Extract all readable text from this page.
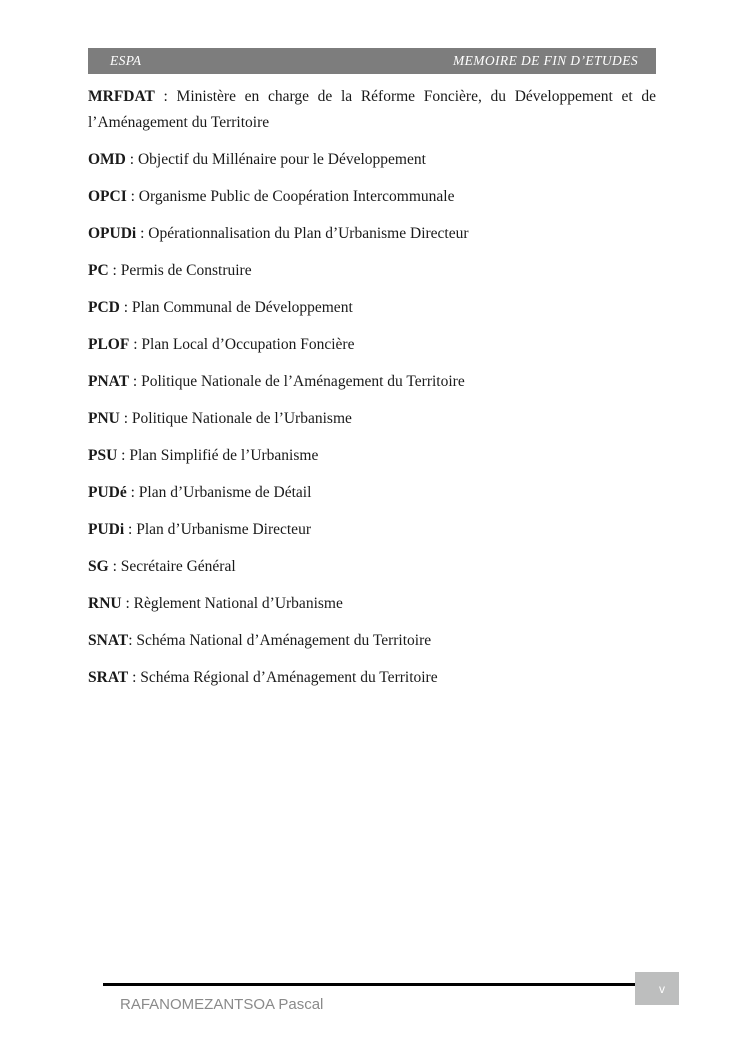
ESPA	MEMOIRE DE FIN D’ETUDES

MRFDAT : Ministère en charge de la Réforme Foncière, du Développement et de l’Aménagement du Territoire

OMD : Objectif du Millénaire pour le Développement

OPCI : Organisme Public de Coopération Intercommunale

OPUDi : Opérationnalisation du Plan d’Urbanisme Directeur

PC : Permis de Construire

PCD : Plan Communal de Développement

PLOF : Plan Local d’Occupation Foncière

PNAT : Politique Nationale de l’Aménagement du Territoire

PNU : Politique Nationale de l’Urbanisme

PSU : Plan Simplifié de l’Urbanisme

PUDé : Plan d’Urbanisme de Détail

PUDi : Plan d’Urbanisme Directeur

SG : Secrétaire Général

RNU : Règlement National d’Urbanisme

SNAT: Schéma National d’Aménagement du Territoire

SRAT : Schéma Régional d’Aménagement du Territoire

v
RAFANOMEZANTSOA Pascal
